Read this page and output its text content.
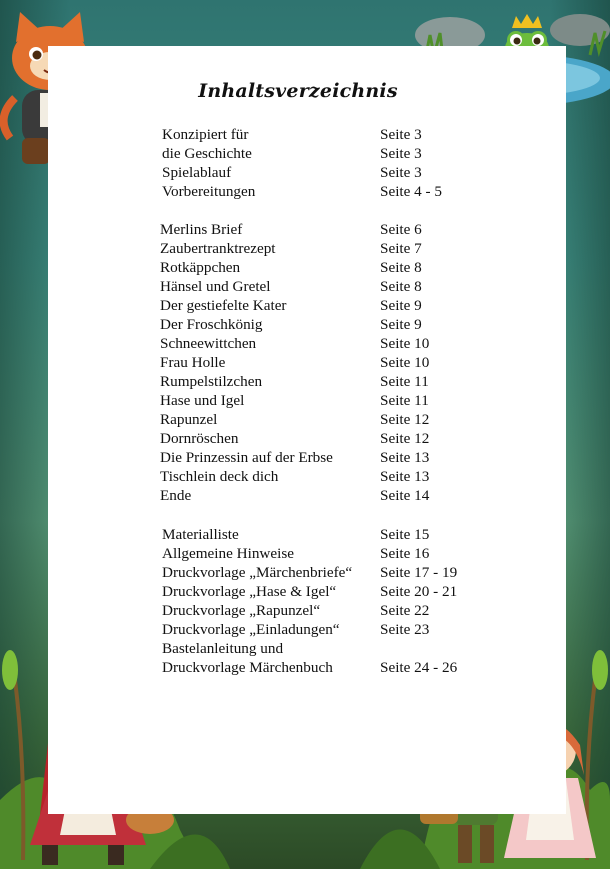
Inhaltsverzeichnis
Konzipiert für	Seite 3
die Geschichte	Seite 3
Spielablauf	Seite 3
Vorbereitungen	Seite 4 - 5
Merlins Brief	Seite 6
Zaubertranktrezept	Seite 7
Rotkäppchen	Seite 8
Hänsel und Gretel	Seite 8
Der gestiefelte Kater	Seite 9
Der Froschkönig	Seite 9
Schneewittchen	Seite 10
Frau Holle	Seite 10
Rumpelstilzchen	Seite 11
Hase und Igel	Seite 11
Rapunzel	Seite 12
Dornröschen	Seite 12
Die Prinzessin auf der Erbse	Seite 13
Tischlein deck dich	Seite 13
Ende	Seite 14
Materialliste	Seite 15
Allgemeine Hinweise	Seite 16
Druckvorlage „Märchenbriefe“ Seite 17 - 19
Druckvorlage „Hase & Igel“	Seite 20 - 21
Druckvorlage „Rapunzel“	Seite 22
Druckvorlage „Einladungen“	Seite 23
Bastelanleitung und
Druckvorlage Märchenbuch	Seite 24 - 26
